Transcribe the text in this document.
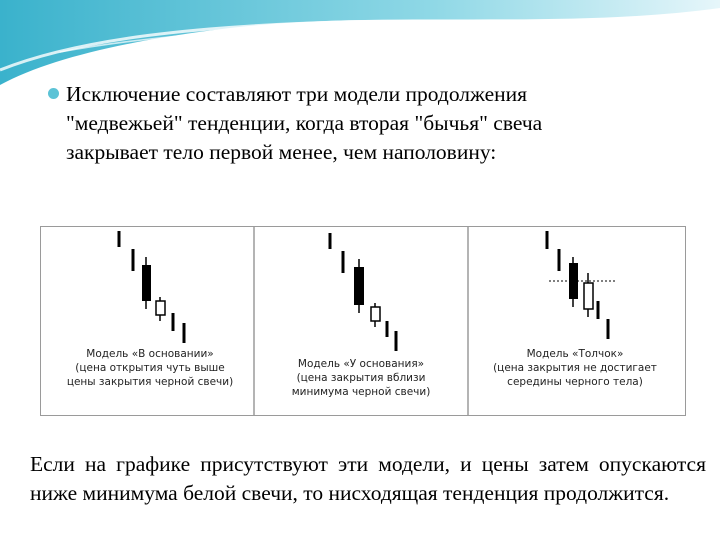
Исключение составляют три модели продолжения
"медвежьей" тенденции, когда вторая "бычья" свеча
закрывает тело первой менее, чем наполовину:
Модель «В основании»
(цена открытия чуть выше
цены закрытия черной свечи)
Модель «У основания»
(цена закрытия вблизи
минимума черной свечи)
Модель «Толчок»
(цена закрытия не достигает
середины черного тела)
Если на графике присутствуют эти модели, и цены затем опускаются ниже минимума белой свечи, то нисходящая тенденция продолжится.
